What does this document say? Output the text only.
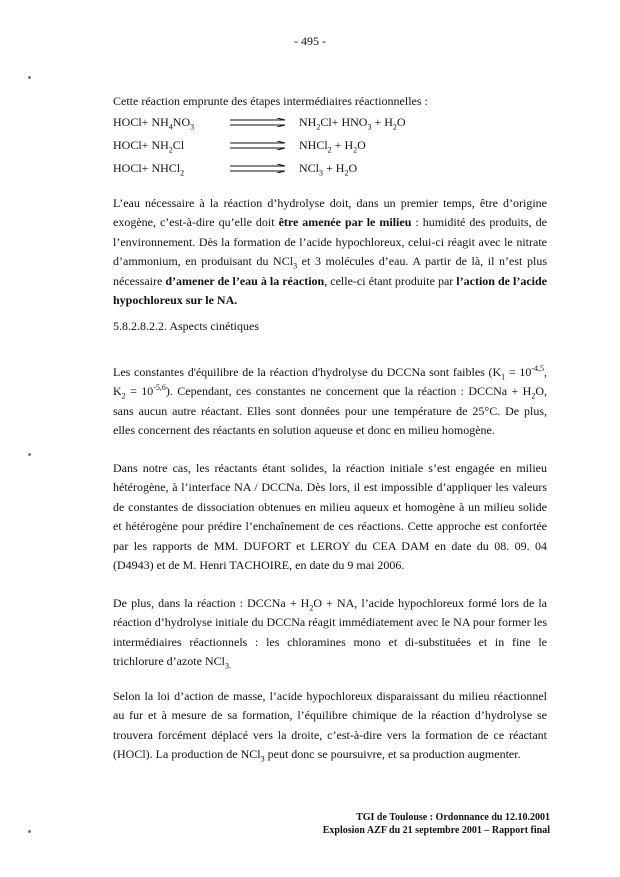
- 495 -

Cette réaction emprunte des étapes intermédiaires réactionnelles :

HOCl+ $NH_4NO_3$	$NH_2Cl+ HNO_3 + H_2O$
HOCl+ $NH_2Cl$	NHCl$_2$ + $H_2O$
HOCl+ NHCl$_2$	$NCl_3 + H_2O$

L’eau nécessaire à la réaction d’hydrolyse doit, dans un premier temps, être d’origine exogène, c’est-à-dire qu’elle doit être amenée par le milieu : humidité des produits, de l’environnement. Dès la formation de l’acide hypochloreux, celui-ci réagit avec le nitrate d’ammonium, en produisant du NCl$_3$ et 3 molécules d’eau. A partir de là, il n’est plus nécessaire d’amener de l’eau à la réaction, celle-ci étant produite par l’action de l’acide hypochloreux sur le NA.

5.8.2.8.2.2. Aspects cinétiques

Les constantes d'équilibre de la réaction d'hydrolyse du DCCNa sont faibles ($K_1 = 10^{-4,5}$, $K_2 = 10^{-5,6}$). Cependant, ces constantes ne concernent que la réaction : DCCNa + $H_2O$, sans aucun autre réactant. Elles sont données pour une température de 25°C. De plus, elles concernent des réactants en solution aqueuse et donc en milieu homogène.

Dans notre cas, les réactants étant solides, la réaction initiale s’est engagée en milieu hétérogène, à l’interface NA / DCCNa. Dès lors, il est impossible d’appliquer les valeurs de constantes de dissociation obtenues en milieu aqueux et homogène à un milieu solide et hétérogène pour prédire l’enchaînement de ces réactions. Cette approche est confortée par les rapports de MM. DUFORT et LEROY du CEA DAM en date du 08. 09. 04 (D4943) et de M. Henri TACHOIRE, en date du 9 mai 2006.

De plus, dans la réaction : DCCNa + $H_2O$ + NA, l’acide hypochloreux formé lors de la réaction d’hydrolyse initiale du DCCNa réagit immédiatement avec le NA pour former les intermédiaires réactionnels : les chloramines mono et di-substituées et in fine le trichlorure d’azote NCl$_{3.}$

Selon la loi d’action de masse, l’acide hypochloreux disparaissant du milieu réactionnel au fur et à mesure de sa formation, l’équilibre chimique de la réaction d’hydrolyse se trouvera forcément déplacé vers la droite, c’est-à-dire vers la formation de ce réactant (HOCl). La production de NCl$_3$ peut donc se poursuivre, et sa production augmenter.

TGI de Toulouse : Ordonnance du 12.10.2001
Explosion AZF du 21 septembre 2001 – Rapport final
